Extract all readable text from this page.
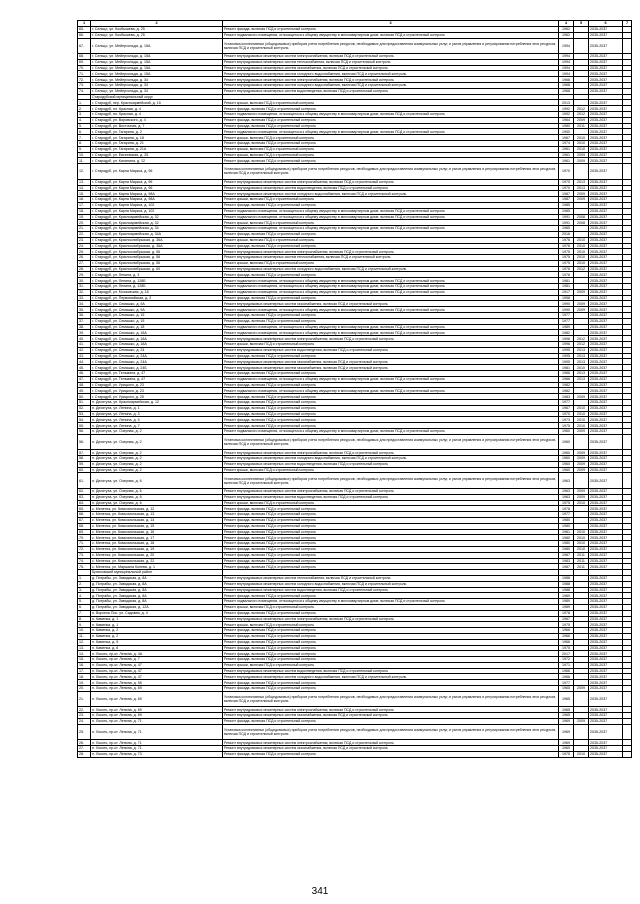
1	2	3	4	5	6	7
65.	г. Сельцо, ул. Кообышева, д. 25	Ремонт фасада, включая ПСД и строительный контроль	1962		2035-2037	
66.	г. Сельцо, ул. Кообышева, д. 25	Ремонт подвального помещения, относящегося к общему имуществу в многоквартирном доме, включая ПСД и строительный контроль	1962		2035-2037	
67.	г. Сельцо, ул. Мейерхольда, д. 15А	Установка коллективных (общедомовых) приборов учета потребления ресурсов, необходимых для предоставления коммунальных услуг, и узлов управления и регулирования потребления этих ресурсов, включая ПСД и строительный контроль	1994		2035-2037	
68.	г. Сельцо, ул. Мейерхольда, д. 15А	Ремонт внутридомовых инженерных систем электроснабжения, включая ПСД и строительный контроль	1994		2035-2037	
69.	г. Сельцо, ул. Мейерхольда, д. 15А	Ремонт внутридомовых инженерных систем теплоснабжения, включая ПСД и строительный контроль	1994		2035-2037	
70.	г. Сельцо, ул. Мейерхольда, д. 15А	Ремонт внутридомовых инженерных систем газоснабжения, включая ПСД и строительный контроль	1994		2035-2037	
71.	г. Сельцо, ул. Мейерхольда, д. 15А	Ремонт внутридомовых инженерных систем холодного водоснабжения, включая ПСД и строительный контроль	1994		2035-2037	
72.	г. Сельцо, ул. Мейерхольда, д. 34	Ремонт внутридомовых инженерных систем электроснабжения, включая ПСД и строительный контроль	1968		2035-2037	
73.	г. Сельцо, ул. Мейерхольда, д. 34	Ремонт внутридомовых инженерных систем холодного водоснабжения, включая ПСД и строительный контроль	1968		2035-2037	
74.	г. Сельцо, ул. Мейерхольда, д. 34	Ремонт внутридомовых инженерных систем водоотведения, включая ПСД и строительный контроль	1968		2035-2037	
	Стародубский муниципальный округ					
1.	г. Стародуб, пер. Красноармейский, д. 15	Ремонт крыши, включая ПСД и строительный контроль	2013		2035-2037	
2.	г. Стародуб, пл. Красная, д. 4	Ремонт фасада, включая ПСД и строительный контроль	1992	2012	2035-2037	
3.	г. Стародуб, пл. Красная, д. 4	Ремонт подвального помещения, относящегося к общему имуществу в многоквартирном доме, включая ПСД и строительный контроль	1992	2012	2035-2037	
4.	г. Стародуб, ул. Воровского, д. 4	Ремонт фасада, включая ПСД и строительный контроль	1964	2009	2035-2037	
5.	г. Стародуб, ул. Восточная, д. 7	Ремонт фасада, включая ПСД и строительный контроль	1980	2011	2035-2037	
6.	г. Стародуб, ул. Гагарина, д. 2	Ремонт подвального помещения, относящегося к общему имуществу в многоквартирном доме, включая ПСД и строительный контроль	1950		2035-2037	
7.	г. Стародуб, ул. Гагарина, д. 18	Ремонт крыши, включая ПСД и строительный контроль	1967	2010	2035-2037	
8.	г. Стародуб, ул. Гагарина, д. 21	Ремонт фасада, включая ПСД и строительный контроль	1974	2010	2035-2037	
9.	г. Стародуб, ул. Гагарина, д. 21А	Ремонт крыши, включая ПСД и строительный контроль	1961	2010	2035-2037	
10.	г. Стародуб, ул. Евсеевская, д. 25	Ремонт крыши, включая ПСД и строительный контроль	1961	2009	2035-2037	
11.	г. Стародуб, ул. Калинина, д. 12	Ремонт фасада, включая ПСД и строительный контроль	1961	2009	2035-2037	
12.	г. Стародуб, ул. Карла Маркса, д. 96	Установка коллективных (общедомовых) приборов учета потребления ресурсов, необходимых для предоставления коммунальных услуг, и узлов управления и регулирования потребления этих ресурсов, включая ПСД и строительный контроль	1970		2035-2037	
13.	г. Стародуб, ул. Карла Маркса, д. 96	Ремонт внутридомовых инженерных систем электроснабжения, включая ПСД и строительный контроль	1970	2013	2035-2037	
14.	г. Стародуб, ул. Карла Маркса, д. 96	Ремонт внутридомовых инженерных систем водоотведения, включая ПСД и строительный контроль	1970	2013	2035-2037	
15.	г. Стародуб, ул. Карла Маркса, д. 98А	Ремонт внутридомовых инженерных систем холодного водоснабжения, включая ПСД и строительный контроль	1987	2009	2035-2037	
16.	г. Стародуб, ул. Карла Маркса, д. 98А	Ремонт крыши, включая ПСД и строительный контроль	1987	2009	2035-2037	
17.	г. Стародуб, ул. Карла Маркса, д. 102	Ремонт фасада, включая ПСД и строительный контроль	1985		2035-2037	
18.	г. Стародуб, ул. Карла Маркса, д. 102	Ремонт подвального помещения, относящегося к общему имуществу в многоквартирном доме, включая ПСД и строительный контроль	1985		2035-2037	
19.	г. Стародуб, ул. Красноармейская, д. 32	Ремонт подвального помещения, относящегося к общему имуществу в многоквартирном доме, включая ПСД и строительный контроль	1991	2008	2035-2037	
20.	г. Стародуб, ул. Красноармейская, д. 32	Ремонт крыши, включая ПСД и строительный контроль	1991	2008	2035-2037	
21.	г. Стародуб, ул. Красноармейская, д. 34	Ремонт подвального помещения, относящегося к общему имуществу в многоквартирном доме, включая ПСД и строительный контроль	1985		2035-2037	
22.	г. Стародуб, ул. Красноармейская, д. 34А	Ремонт фасада, включая ПСД и строительный контроль	2016		2035-2037	
23.	г. Стародуб, ул. Красноолибрьская, д. 36А	Ремонт крыши, включая ПСД и строительный контроль	1976	2010	2035-2037	
24.	г. Стародуб, ул. Красноолибрьская, д. 36А	Ремонт фасада, включая ПСД и строительный контроль	1976	2010	2035-2037	
25.	г. Стародуб, ул. Красноолибрьская, д. 56	Ремонт внутридомовых инженерных систем электроснабжения, включая ПСД и строительный контроль	1975	2010	2035-2037	
26.	г. Стародуб, ул. Красноолибрьская, д. 56	Ремонт внутридомовых инженерных систем теплоснабжения, включая ПСД и строительный контроль	1975	2010	2035-2037	
27.	г. Стародуб, ул. Красноолибрьская, д. 56	Ремонт крыши, включая ПСД и строительный контроль	1975	2010	2035-2037	
28.	г. Стародуб, ул. Красноолибрьская, д. 60	Ремонт внутридомовых инженерных систем холодного водоснабжения, включая ПСД и строительный контроль	1976	2012	2035-2037	
29.	г. Стародуб, ул. Ленина, д. 3	Ремонт фасада, включая ПСД и строительный контроль	1976		2035-2037	
30.	г. Стародуб, ул. Ленина, д. 128Б	Ремонт подвального помещения, относящегося к общему имуществу в многоквартирном доме, включая ПСД и строительный контроль	1981		2035-2037	
31.	г. Стародуб, ул. Ленина, д. 128Б	Ремонт подвального помещения, относящегося к общему имуществу в многоквартирном доме, включая ПСД и строительный контроль	1981		2035-2037	
32.	г. Стародуб, ул. Московская, д. 18	Ремонт подвального помещения, относящегося к общему имуществу в многоквартирном доме, включая ПСД и строительный контроль	1917	2009	2035-2037	
33.	г. Стародуб, ул. Первомайская, д. 2	Ремонт фасада, включая ПСД и строительный контроль	1958		2035-2037	
34.	г. Стародуб, ул. Семашко, д. 9А	Ремонт внутридомовых инженерных систем газоснабжения, включая ПСД и строительный контроль	1990	2009	2035-2037	
35.	г. Стародуб, ул. Семашко, д. 9А	Ремонт подвального помещения, относящегося к общему имуществу в многоквартирном доме, включая ПСД и строительный контроль	1990	2009	2035-2037	
36.	г. Стародуб, ул. Семашко, д. 15	Ремонт фасада, включая ПСД и строительный контроль	1977		2035-2037	
37.	г. Стародуб, ул. Семашко, д. 15	Ремонт фасада, включая ПСД и строительный контроль	1977		2035-2037	
38.	г. Стародуб, ул. Семашко, д. 18	Ремонт подвального помещения, относящегося к общему имуществу в многоквартирном доме, включая ПСД и строительный контроль	1989		2035-2037	
39.	г. Стародуб, ул. Семашко, д. 18А	Ремонт подвального помещения, относящегося к общему имуществу в многоквартирном доме, включая ПСД и строительный контроль	1982		2035-2037	
40.	г. Стародуб, ул. Семашко, д. 18А	Ремонт внутридомовых инженерных систем электроснабжения, включая ПСД и строительный контроль	1996	2012	2035-2037	
41.	г. Стародуб, ул. Семашко, д. 18А	Ремонт крыши, включая ПСД и строительный контроль	1996	2012	2035-2037	
42.	г. Стародуб, ул. Семашко, д. 24	Ремонт внутридомовых инженерных систем водоотведения, включая ПСД и строительный контроль	1995	2013	2035-2037	
43.	г. Стародуб, ул. Семашко, д. 24А	Ремонт фасада, включая ПСД и строительный контроль	1995	2013	2035-2037	
44.	г. Стародуб, ул. Семашко, д. 24А	Ремонт внутридомовых инженерных систем газоснабжения, включая ПСД и строительный контроль	1995	2013	2035-2037	
45.	г. Стародуб, ул. Семашко, д. 24Б	Ремонт внутридомовых инженерных систем газоснабжения, включая ПСД и строительный контроль	1981	2010	2035-2037	
46.	г. Стародуб, ул. Тельмана, д. 47	Ремонт фасада, включая ПСД и строительный контроль	1986	2013	2035-2037	
47.	г. Стародуб, ул. Тельмана, д. 47	Ремонт подвального помещения, относящегося к общему имуществу в многоквартирном доме, включая ПСД и строительный контроль	1986	2013	2035-2037	
48.	г. Стародуб, ул. Урицкого, д. 23	Ремонт фасада, включая ПСД и строительный контроль	1982		2035-2037	
49.	г. Стародуб, ул. Урицкого, д. 23	Ремонт подвального помещения, относящегося к общему имуществу в многоквартирном доме, включая ПСД и строительный контроль	1982		2035-2037	
50.	г. Стародуб, ул. Урицкого, д. 25	Ремонт фасада, включая ПСД и строительный контроль	1983	2009	2035-2037	
51.	п. Десятуха, ул. Красноармейская, д. 12	Ремонт фасада, включая ПСД и строительный контроль	1977		2035-2037	
52.	п. Десятуха, ул. Ленина, д. 1	Ремонт фасада, включая ПСД и строительный контроль	1967	2010	2035-2037	
53.	п. Десятуха, ул. Ленина, д. 3	Ремонт фасада, включая ПСД и строительный контроль	1970	2010	2035-2037	
54.	п. Десятуха, ул. Ленина, д. 5	Ремонт фасада, включая ПСД и строительный контроль	1973	2010	2035-2037	
55.	п. Десятуха, ул. Ленина, д. 7	Ремонт фасада, включая ПСД и строительный контроль	1975	2010	2035-2037	
56.	п. Десятуха, ул. Озерная, д. 2	Ремонт подвального помещения, относящегося к общему имуществу в многоквартирном доме, включая ПСД и строительный контроль	1960	2009	2035-2037	
56.	п. Десятуха, ул. Озерная, д. 2	Установка коллективных (общедомовых) приборов учета потребления ресурсов, необходимых для предоставления коммунальных услуг, и узлов управления и регулирования потребления этих ресурсов, включая ПСД и строительный контроль	1960		2035-2037	
57.	п. Десятуха, ул. Озерная, д. 2	Ремонт внутридомовых инженерных систем электроснабжения, включая ПСД и строительный контроль	1960	2009	2035-2037	
58.	п. Десятуха, ул. Озерная, д. 2	Ремонт внутридомовых инженерных систем холодного водоснабжения, включая ПСД и строительный контроль	1960	2009	2035-2037	
59.	п. Десятуха, ул. Озерная, д. 2	Ремонт внутридомовых инженерных систем водоотведения, включая ПСД и строительный контроль	1960	2009	2035-2037	
60.	п. Десятуха, ул. Озерная, д. 2	Ремонт крыши, включая ПСД и строительный контроль	1960	2009	2035-2037	
61.	п. Десятуха, ул. Озерная, д. 6	Установка коллективных (общедомовых) приборов учета потребления ресурсов, необходимых для предоставления коммунальных услуг, и узлов управления и регулирования потребления этих ресурсов, включая ПСД и строительный контроль	1963		2035-2037	
62.	п. Десятуха, ул. Озерная, д. 6	Ремонт внутридомовых инженерных систем электроснабжения, включая ПСД и строительный контроль	1963	2009	2035-2037	
63.	п. Десятуха, ул. Озерная, д. 6	Ремонт внутридомовых инженерных систем водоотведения, включая ПСД и строительный контроль	1963	2009	2035-2037	
64.	п. Десятуха, ул. Озерная, д. 6	Ремонт крыши, включая ПСД и строительный контроль	1975	2010	2035-2037	
65.	с. Меленск, ул. Комсомольская, д. 12	Ремонт фасада, включая ПСД и строительный контроль	1978		2035-2037	
66.	с. Меленск, ул. Комсомольская, д. 13	Ремонт фасада, включая ПСД и строительный контроль	1977		2035-2037	
67.	с. Меленск, ул. Комсомольская, д. 14	Ремонт фасада, включая ПСД и строительный контроль	1980		2035-2037	
68.	с. Меленск, ул. Комсомольская, д. 15	Ремонт фасада, включая ПСД и строительный контроль	1980		2035-2037	
69.	с. Меленск, ул. Комсомольская, д. 16	Ремонт фасада, включая ПСД и строительный контроль	1981	2010	2035-2037	
70.	с. Меленск, ул. Комсомольская, д. 17	Ремонт фасада, включая ПСД и строительный контроль	1980	2010	2035-2037	
71.	с. Меленск, ул. Комсомольская, д. 18	Ремонт фасада, включая ПСД и строительный контроль	1980	2010	2035-2037	
72.	с. Меленск, ул. Комсомольская, д. 19	Ремонт фасада, включая ПСД и строительный контроль	1980	2010	2035-2037	
73.	с. Меленск, ул. Комсомольская, д. 20	Ремонт фасада, включая ПСД и строительный контроль	1987	2011	2035-2037	
74.	с. Меленск, ул. Комсомольская, д. 22	Ремонт фасада, включая ПСД и строительный контроль	1983	2011	2035-2037	
75.	с. Меленск, ул. Маршала Конева, д. 1	Ремонт фасада, включая ПСД и строительный контроль	1987	2011	2035-2037	
	Брянковский муниципальный район					
1.	д. Потрабы, ул. Заводская, д. 8А	Ремонт внутридомовых инженерных систем теплоснабжения, включая ПСД и строительный контроль	1988		2035-2037	
2.	д. Потрабы, ул. Заводская, д. 8А	Ремонт внутридомовых инженерных систем холодного водоснабжения, включая ПСД и строительный контроль	1988		2035-2037	
3.	д. Потрабы, ул. Заводская, д. 8А	Ремонт внутридомовых инженерных систем водоотведения, включая ПСД и строительный контроль	1988		2035-2037	
4.	д. Потрабы, ул. Заводская, д. 8А	Ремонт фасада, включая ПСД и строительный контроль	1989		2035-2037	
5.	д. Потрабы, ул. Заводская, д. 8А	Ремонт подвального помещения, относящегося к общему имуществу в многоквартирном доме, включая ПСД и строительный контроль	1989		2035-2037	
6.	д. Потрабы, ул. Заводская, д. 12А	Ремонт крыши, включая ПСД и строительный контроль	1989		2035-2037	
7.	п. Воронок Пос. ул. Садовая, д. 4	Ремонт фасада, включая ПСД и строительный контроль	1978		2035-2037	
8.	п. Каменка, д. 1	Ремонт внутридомовых инженерных систем электроснабжения, включая ПСД и строительный контроль	1967		2035-2037	
9.	п. Каменка, д. 1	Ремонт крыши, включая ПСД и строительный контроль	1975		2035-2037	
10.	п. Каменка, д. 2	Ремонт фасада, включая ПСД и строительный контроль	1966		2035-2037	
11.	п. Каменка, д. 2	Ремонт фасада, включая ПСД и строительный контроль	1966		2035-2037	
12.	п. Каменка, д. 5	Ремонт фасада, включая ПСД и строительный контроль	1966		2035-2037	
13.	п. Каменка, д. 6	Ремонт фасада, включая ПСД и строительный контроль	1975		2035-2037	
14.	п. Локоть, пр-кт. Ленина, д. 4А	Ремонт фасада, включая ПСД и строительный контроль	2017		2035-2037	
15.	п. Локоть, пр-кт. Ленина, д. 7	Ремонт фасада, включая ПСД и строительный контроль	1972		2035-2037	
16.	п. Локоть, пр-кт. Ленина, д. 47	Ремонт крыши, включая ПСД и строительный контроль	1971		2035-2037	
17.	п. Локоть, пр-кт. Ленина, д. 47	Ремонт внутридомовых инженерных систем водоотведения, включая ПСД и строительный контроль	1966		2035-2037	
18.	п. Локоть, пр-кт. Ленина, д. 47	Ремонт внутридомовых инженерных систем холодного водоснабжения, включая ПСД и строительный контроль	1966		2035-2037	
19.	п. Локоть, пр-кт. Ленина, д. 55	Ремонт фасада, включая ПСД и строительный контроль	1977		2035-2037	
20.	п. Локоть, пр-кт. Ленина, д. 69	Ремонт фасада, включая ПСД и строительный контроль	1965	2009	2035-2037	
21.	п. Локоть, пр-кт. Ленина, д. 69	Установка коллективных (общедомовых) приборов учета потребления ресурсов, необходимых для предоставления коммунальных услуг, и узлов управления и регулирования потребления этих ресурсов, включая ПСД и строительный контроль	1965		2035-2037	
22.	п. Локоть, пр-кт. Ленина, д. 69	Ремонт внутридомовых инженерных систем электроснабжения, включая ПСД и строительный контроль	1965		2035-2037	
23.	п. Локоть, пр-кт. Ленина, д. 69	Ремонт внутридомовых инженерных систем газоснабжения, включая ПСД и строительный контроль	1965		2035-2037	
24.	п. Локоть, пр-кт. Ленина, д. 71	Ремонт фасада, включая ПСД и строительный контроль	1969	2009	2035-2037	
25.	п. Локоть, пр-кт. Ленина, д. 71	Установка коллективных (общедомовых) приборов учета потребления ресурсов, необходимых для предоставления коммунальных услуг, и узлов управления и регулирования потребления этих ресурсов, включая ПСД и строительный контроль	1969		2035-2037	
26.	п. Локоть, пр-кт. Ленина, д. 71	Ремонт внутридомовых инженерных систем электроснабжения, включая ПСД и строительный контроль	1969		2035-2037	
27.	п. Локоть, пр-кт. Ленина, д. 71	Ремонт внутридомовых инженерных систем газоснабжения, включая ПСД и строительный контроль	1969		2035-2037	
28.	п. Локоть, пр-кт. Ленина, д. 73	Ремонт фасада, включая ПСД и строительный контроль	1975	2010	2035-2037	
341
